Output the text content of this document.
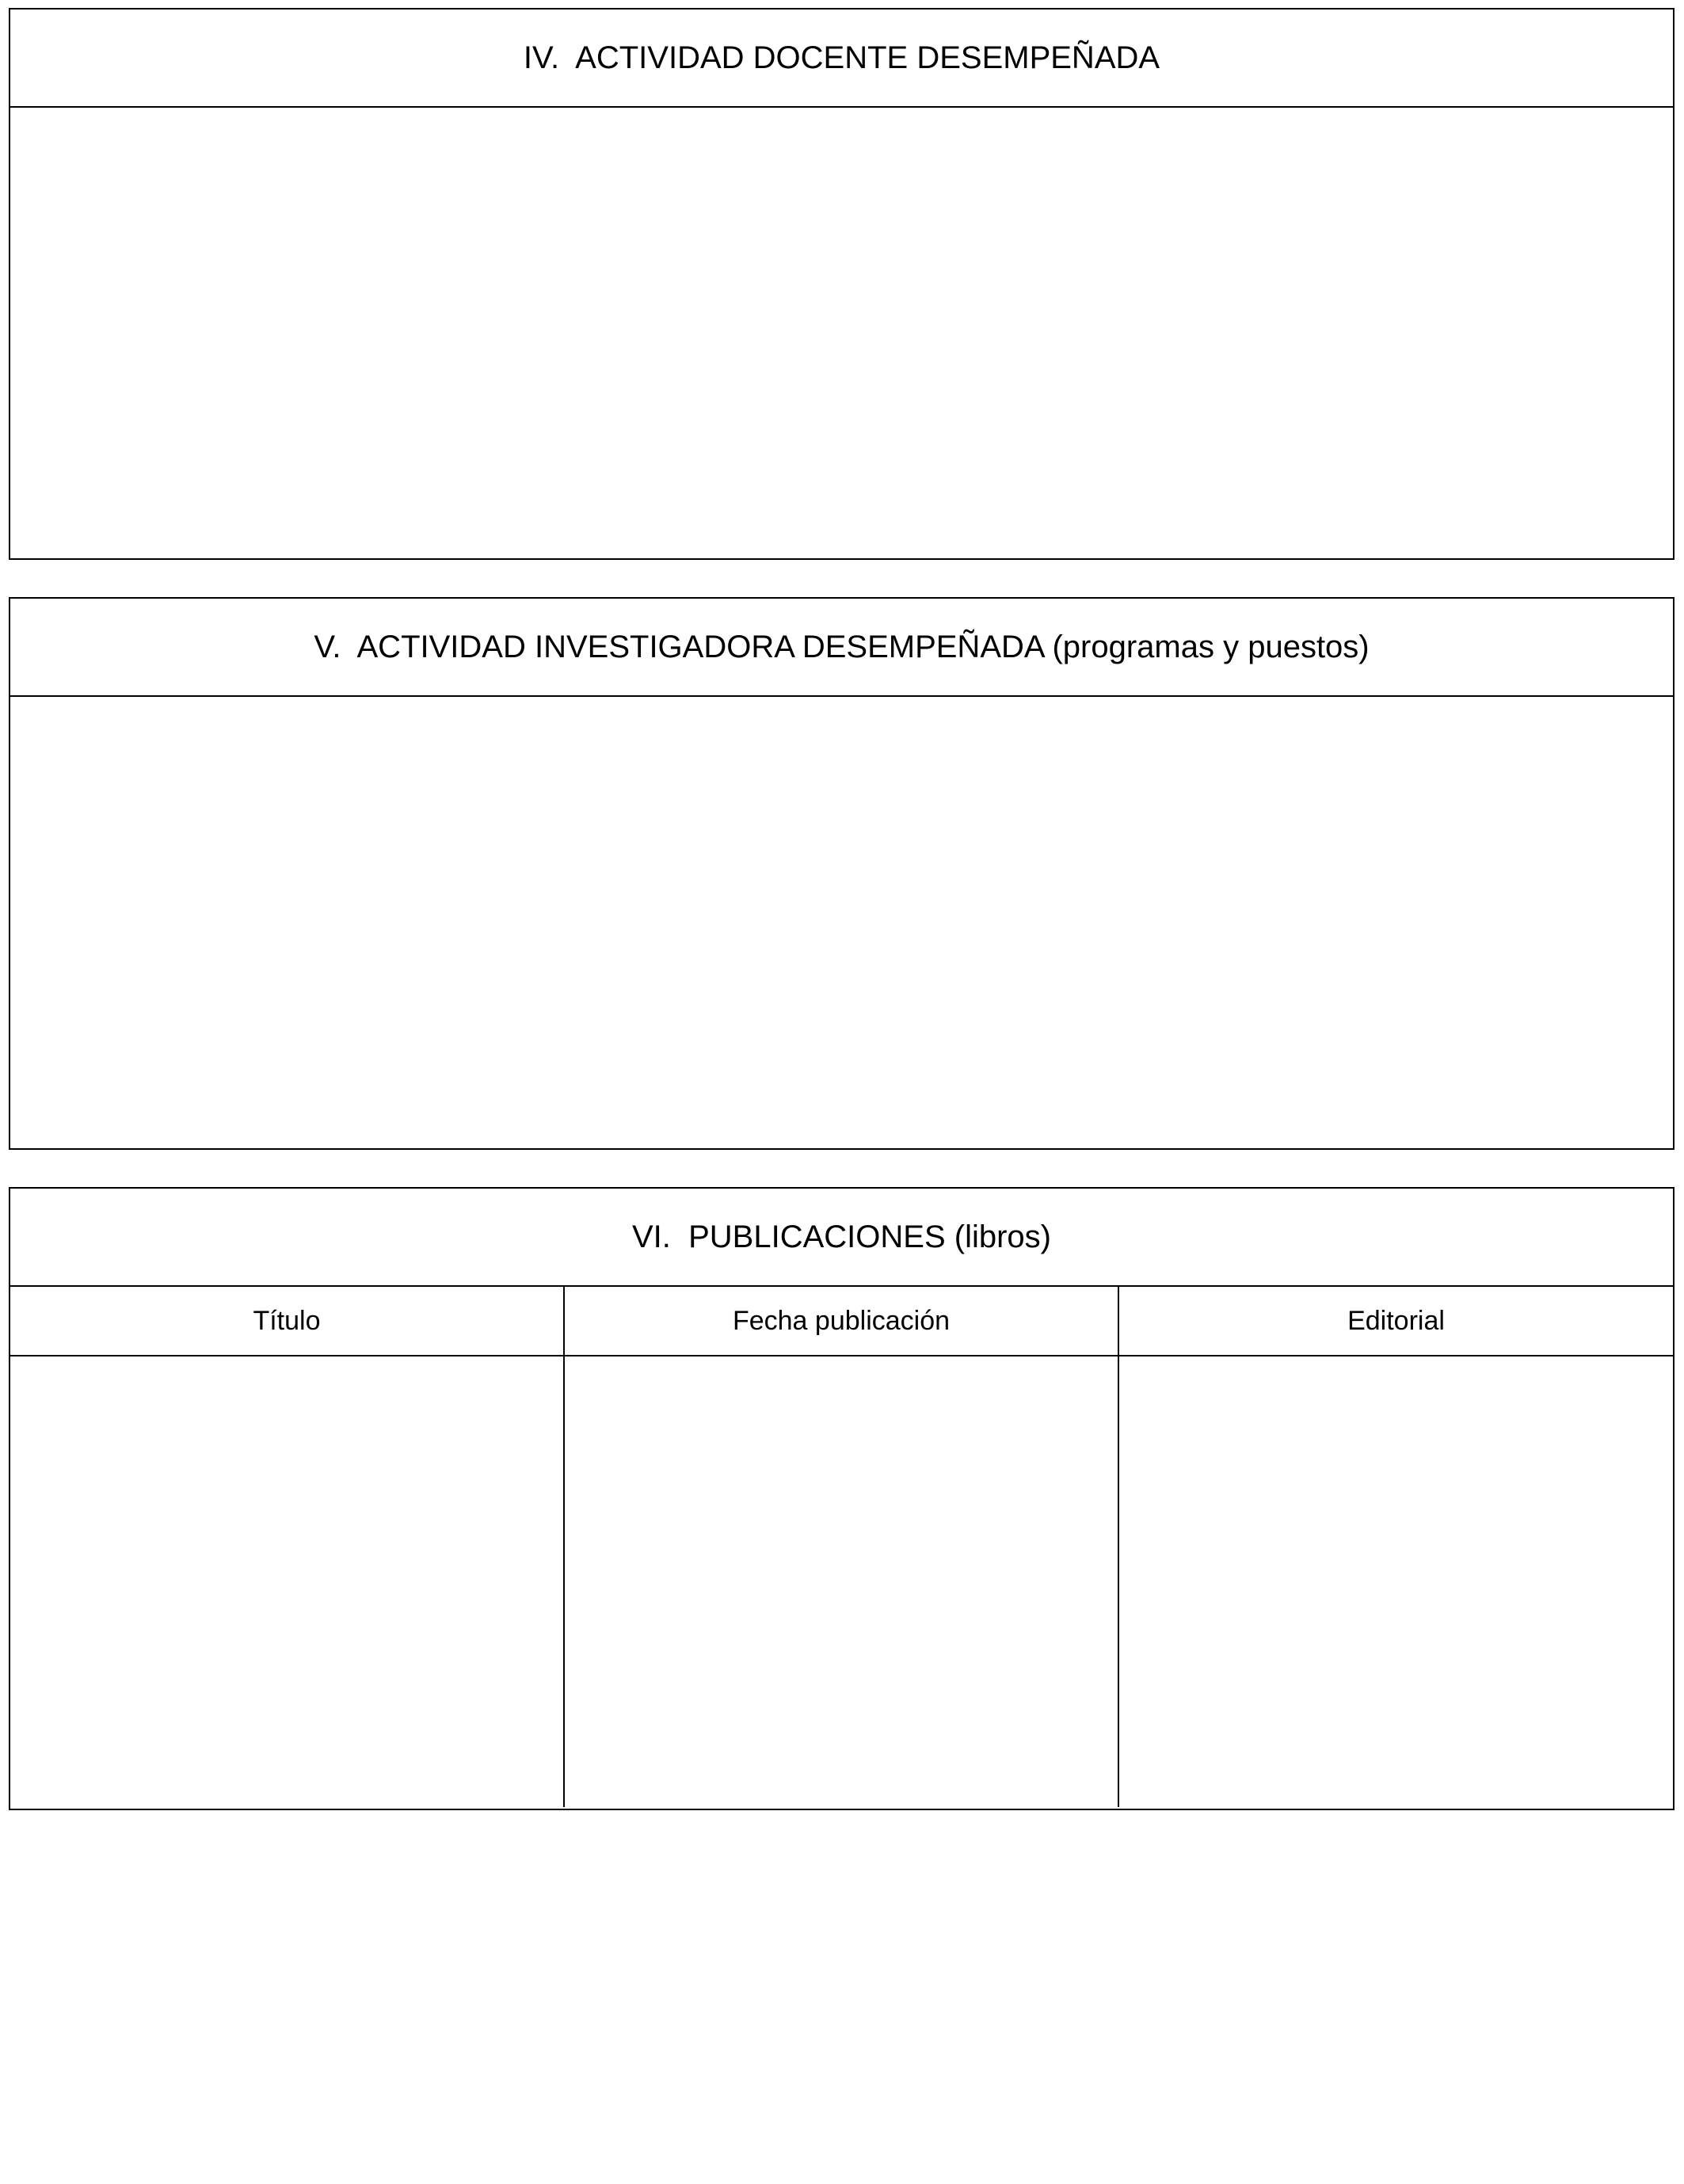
IV.  ACTIVIDAD DOCENTE DESEMPEÑADA
V.  ACTIVIDAD INVESTIGADORA DESEMPEÑADA (programas y puestos)
VI.  PUBLICACIONES (libros)
Título	Fecha publicación	Editorial
